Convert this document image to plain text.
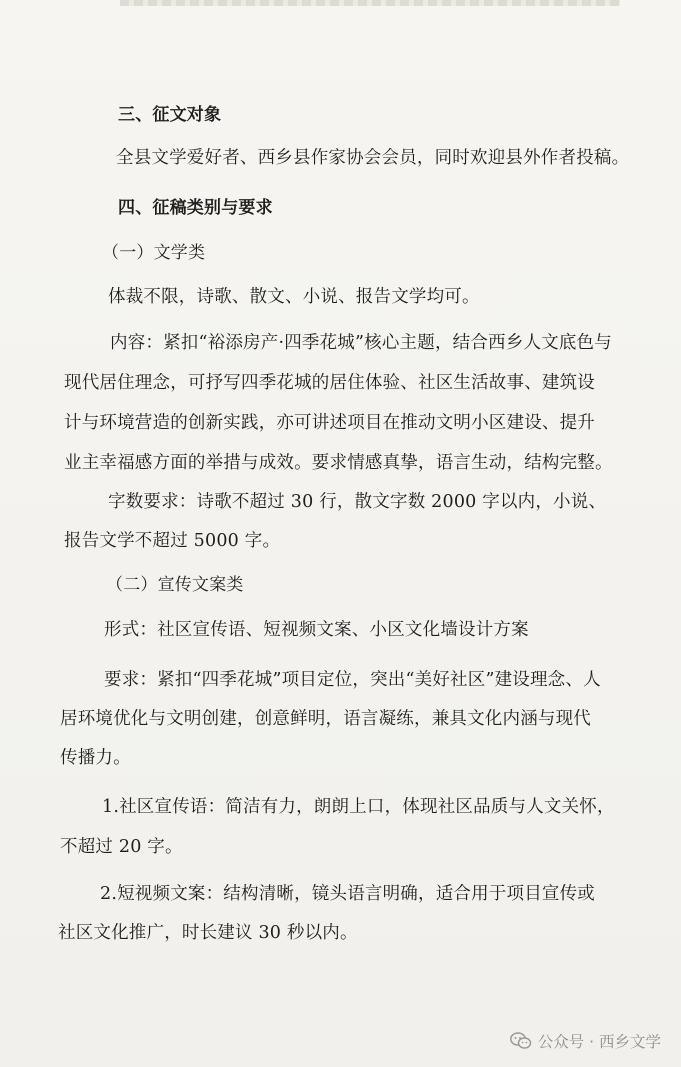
三、征文对象
全县文学爱好者、西乡县作家协会会员，同时欢迎县外作者投稿。
四、征稿类别与要求
（一）文学类
体裁不限，诗歌、散文、小说、报告文学均可。
内容：紧扣“裕添房产·四季花城”核心主题，结合西乡人文底色与
现代居住理念，可抒写四季花城的居住体验、社区生活故事、建筑设
计与环境营造的创新实践，亦可讲述项目在推动文明小区建设、提升
业主幸福感方面的举措与成效。要求情感真挚，语言生动，结构完整。
字数要求：诗歌不超过 30 行，散文字数 2000 字以内，小说、
报告文学不超过 5000 字。
（二）宣传文案类
形式：社区宣传语、短视频文案、小区文化墙设计方案
要求：紧扣“四季花城”项目定位，突出“美好社区”建设理念、人
居环境优化与文明创建，创意鲜明，语言凝练，兼具文化内涵与现代
传播力。
1.社区宣传语：简洁有力，朗朗上口，体现社区品质与人文关怀，
不超过 20 字。
2.短视频文案：结构清晰，镜头语言明确，适合用于项目宣传或
社区文化推广，时长建议 30 秒以内。
公众号 · 西乡文学
